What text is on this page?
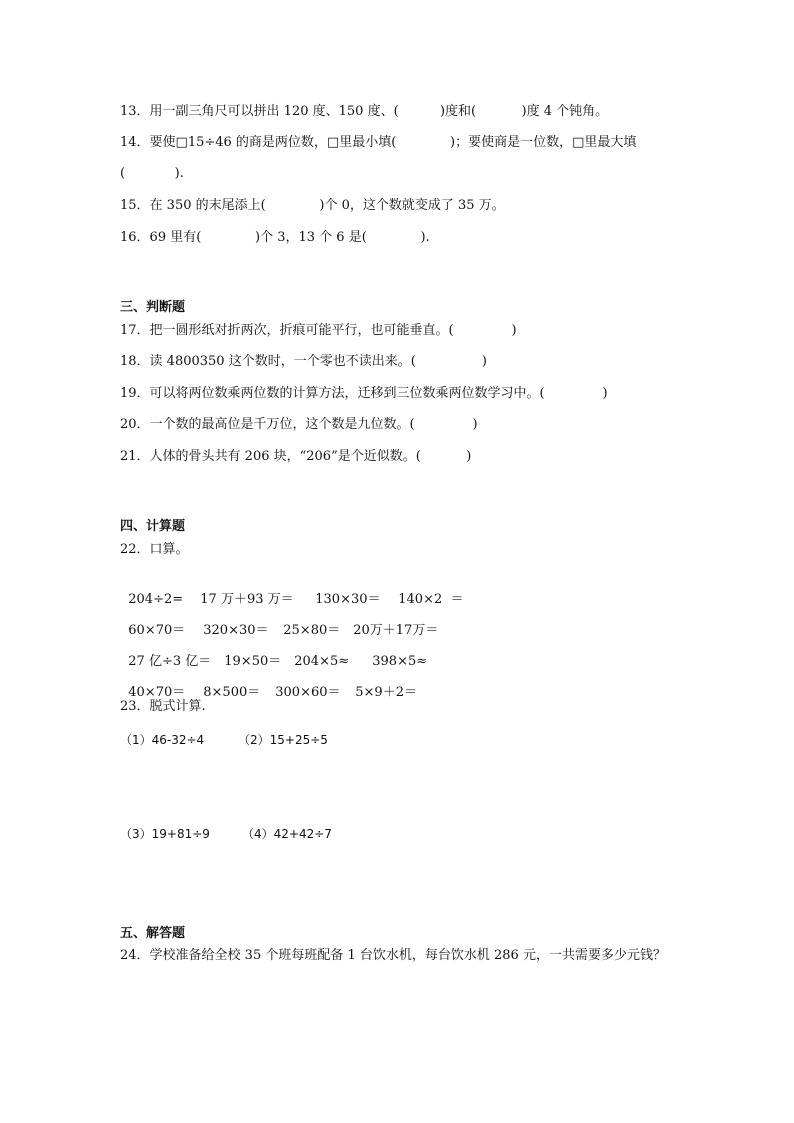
13．用一副三角尺可以拼出 120 度、150 度、(          )度和(           )度 4 个钝角。
14．要使□15÷46 的商是两位数，□里最小填(             )；要使商是一位数，□里最大填
(            ).
15．在 350 的末尾添上(             )个 0，这个数就变成了 35 万。
16．69 里有(             )个 3，13 个 6 是(             ).
三、判断题
17．把一圆形纸对折两次，折痕可能平行，也可能垂直。(              )
18．读 4800350 这个数时，一个零也不读出来。(                )
19．可以将两位数乘两位数的计算方法，迁移到三位数乘两位数学习中。(              )
20．一个数的最高位是千万位，这个数是九位数。(              )
21．人体的骨头共有 206 块，“206”是个近似数。(           )
四、计算题
22．口算。

204÷2= 17 万＋93 万＝ 130×30＝ 140×2  ＝

60×70＝ 320×30＝ 25×80＝ 20万＋17万＝

27 亿÷3 亿＝ 19×50＝ 204×5≈ 398×5≈

40×70＝ 8×500＝ 300×60＝ 5×9＋2＝

23．脱式计算.
（1）46-32÷4	（2）15+25÷5
（3）19+81÷9	（4）42+42÷7
五、解答题
24．学校准备给全校 35 个班每班配备 1 台饮水机，每台饮水机 286 元，一共需要多少元钱？
